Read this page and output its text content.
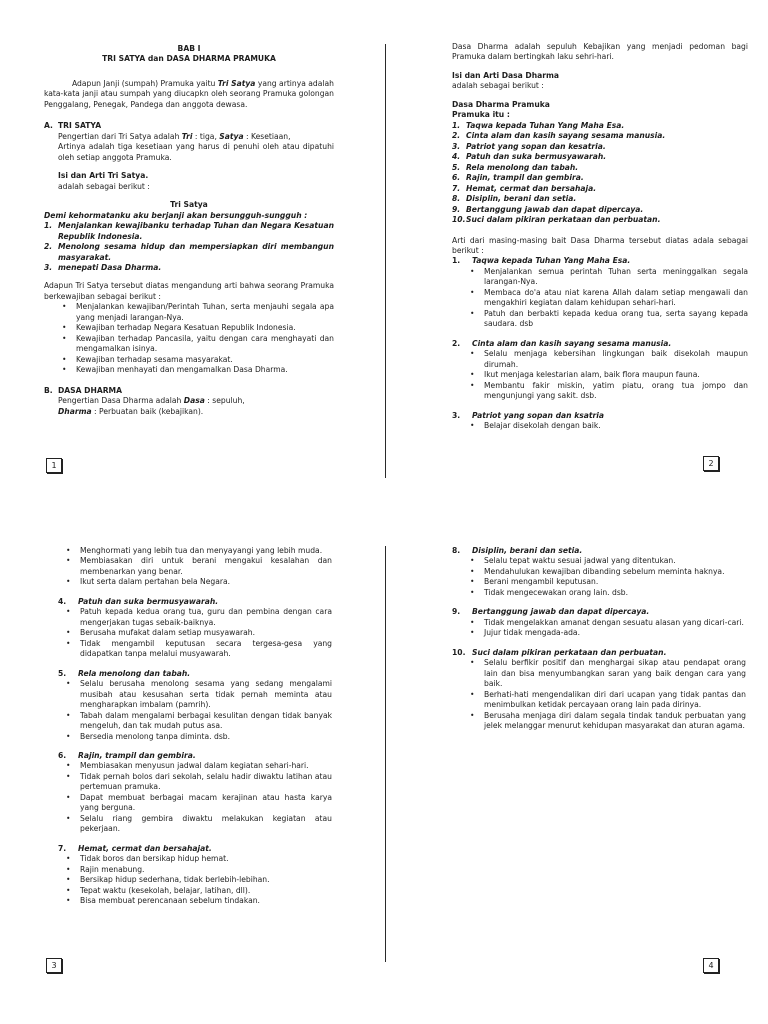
BAB I

TRI SATYA dan DASA DHARMA PRAMUKA

Adapun Janji (sumpah) Pramuka yaitu Tri Satya yang artinya adalah kata-kata janji atau sumpah yang diucapkn oleh seorang Pramuka golongan Penggalang, Penegak, Pandega dan anggota dewasa.

A. TRI SATYA

Pengertian dari Tri Satya adalah Tri : tiga, Satya : Kesetiaan,

Artinya adalah tiga kesetiaan yang harus di penuhi oleh atau dipatuhi oleh setiap anggota Pramuka.

Isi dan Arti Tri Satya.

adalah sebagai berikut :

Tri Satya

Demi kehormatanku aku berjanji akan bersungguh-sungguh :

1. Menjalankan kewajibanku terhadap Tuhan dan Negara Kesatuan Republik Indonesia.
2. Menolong sesama hidup dan mempersiapkan diri membangun masyarakat.
3. menepati Dasa Dharma.

Adapun Tri Satya tersebut diatas mengandung arti bahwa seorang Pramuka berkewajiban sebagai berikut :

• Menjalankan kewajiban/Perintah Tuhan, serta menjauhi segala apa yang menjadi larangan-Nya.
• Kewajiban terhadap Negara Kesatuan Republik Indonesia.
• Kewajiban terhadap Pancasila, yaitu dengan cara menghayati dan mengamalkan isinya.
• Kewajiban terhadap sesama masyarakat.
• Kewajiban menhayati dan mengamalkan Dasa Dharma.
B. DASA DHARMA

Pengertian Dasa Dharma adalah Dasa : sepuluh,

Dharma : Perbuatan baik (kebajikan).

1

Dasa Dharma adalah sepuluh Kebajikan yang menjadi pedoman bagi Pramuka dalam bertingkah laku sehri-hari.

Isi dan Arti Dasa Dharma

adalah sebagai berikut :

Dasa Dharma Pramuka

Pramuka itu :

1. Taqwa kepada Tuhan Yang Maha Esa.
2. Cinta alam dan kasih sayang sesama manusia.
3. Patriot yang sopan dan kesatria.
4. Patuh dan suka bermusyawarah.
5. Rela menolong dan tabah.
6. Rajin, trampil dan gembira.
7. Hemat, cermat dan bersahaja.
8. Disiplin, berani dan setia.
9. Bertanggung jawab dan dapat dipercaya.
10. Suci dalam pikiran perkataan dan perbuatan.

Arti dari masing-masing bait Dasa Dharma tersebut diatas adala sebagai berikut :

1. Taqwa kepada Tuhan Yang Maha Esa.
• Menjalankan semua perintah Tuhan serta meninggalkan segala larangan-Nya.
• Membaca do'a atau niat karena Allah dalam setiap mengawali dan mengakhiri kegiatan dalam kehidupan sehari-hari.
• Patuh dan berbakti kepada kedua orang tua, serta sayang kepada saudara. dsb
2. Cinta alam dan kasih sayang sesama manusia.
• Selalu menjaga kebersihan lingkungan baik disekolah maupun dirumah.
• Ikut menjaga kelestarian alam, baik flora maupun fauna.
• Membantu fakir miskin, yatim piatu, orang tua jompo dan mengunjungi yang sakit. dsb.
3. Patriot yang sopan dan ksatria
• Belajar disekolah dengan baik.
2
• Menghormati yang lebih tua dan menyayangi yang lebih muda.
• Membiasakan diri untuk berani mengakui kesalahan dan membenarkan yang benar.
• Ikut serta dalam pertahan bela Negara.
4. Patuh dan suka bermusyawarah.
• Patuh kepada kedua orang tua, guru dan pembina dengan cara mengerjakan tugas sebaik-baiknya.
• Berusaha mufakat dalam setiap musyawarah.
• Tidak mengambil keputusan secara tergesa-gesa yang didapatkan tanpa melalui musyawarah.
5. Rela menolong dan tabah.
• Selalu berusaha menolong sesama yang sedang mengalami musibah atau kesusahan serta tidak pernah meminta atau mengharapkan imbalam (pamrih).
• Tabah dalam mengalami berbagai kesulitan dengan tidak banyak mengeluh, dan tak mudah putus asa.
• Bersedia menolong tanpa diminta. dsb.
6. Rajin, trampil dan gembira.
• Membiasakan menyusun jadwal dalam kegiatan sehari-hari.
• Tidak pernah bolos dari sekolah, selalu hadir diwaktu latihan atau pertemuan pramuka.
• Dapat membuat berbagai macam kerajinan atau hasta karya yang berguna.
• Selalu riang gembira diwaktu melakukan kegiatan atau pekerjaan.
7. Hemat, cermat dan bersahajat.
• Tidak boros dan bersikap hidup hemat.
• Rajin menabung.
• Bersikap hidup sederhana, tidak berlebih-lebihan.
• Tepat waktu (kesekolah, belajar, latihan, dll).
• Bisa membuat perencanaan sebelum tindakan.
3
8. Disiplin, berani dan setia.
• Selalu tepat waktu sesuai jadwal yang ditentukan.
• Mendahulukan kewajiban dibanding sebelum meminta haknya.
• Berani mengambil keputusan.
• Tidak mengecewakan orang lain. dsb.
9. Bertanggung jawab dan dapat dipercaya.
• Tidak mengelakkan amanat dengan sesuatu alasan yang dicari-cari.
• Jujur tidak mengada-ada.
10. Suci dalam pikiran perkataan dan perbuatan.
• Selalu berfikir positif dan menghargai sikap atau pendapat orang lain dan bisa menyumbangkan saran yang baik dengan cara yang baik.
• Berhati-hati mengendalikan diri dari ucapan yang tidak pantas dan menimbulkan ketidak percayaan orang lain pada dirinya.
• Berusaha menjaga diri dalam segala tindak tanduk perbuatan yang jelek melanggar menurut kehidupan masyarakat dan aturan agama.
4
